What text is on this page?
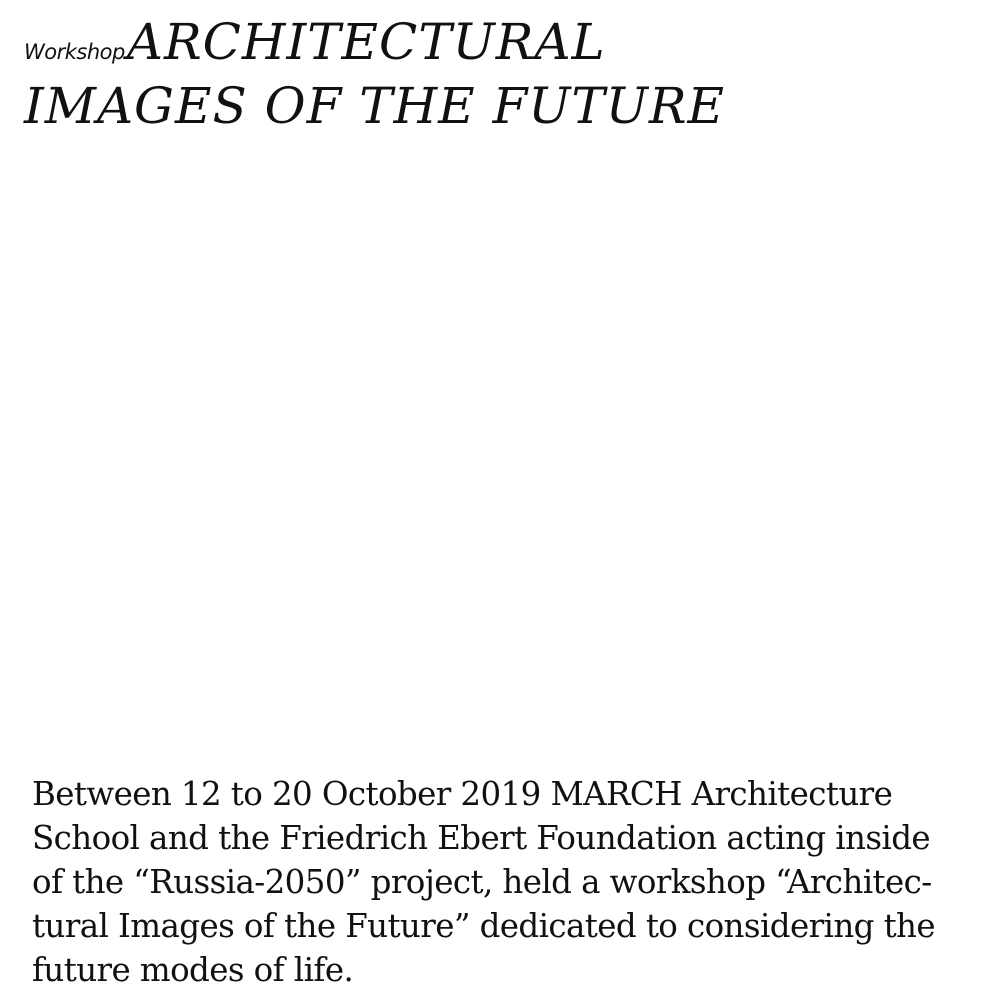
WorkshopARCHITECTURAL
IMAGES OF THE FUTURE

Between 12 to 20 October 2019 MARCH Architecture
School and the Friedrich Ebert Foundation acting inside
of the “Russia-2050” project, held a workshop “Architec-
tural Images of the Future” dedicated to considering the
future modes of life.
